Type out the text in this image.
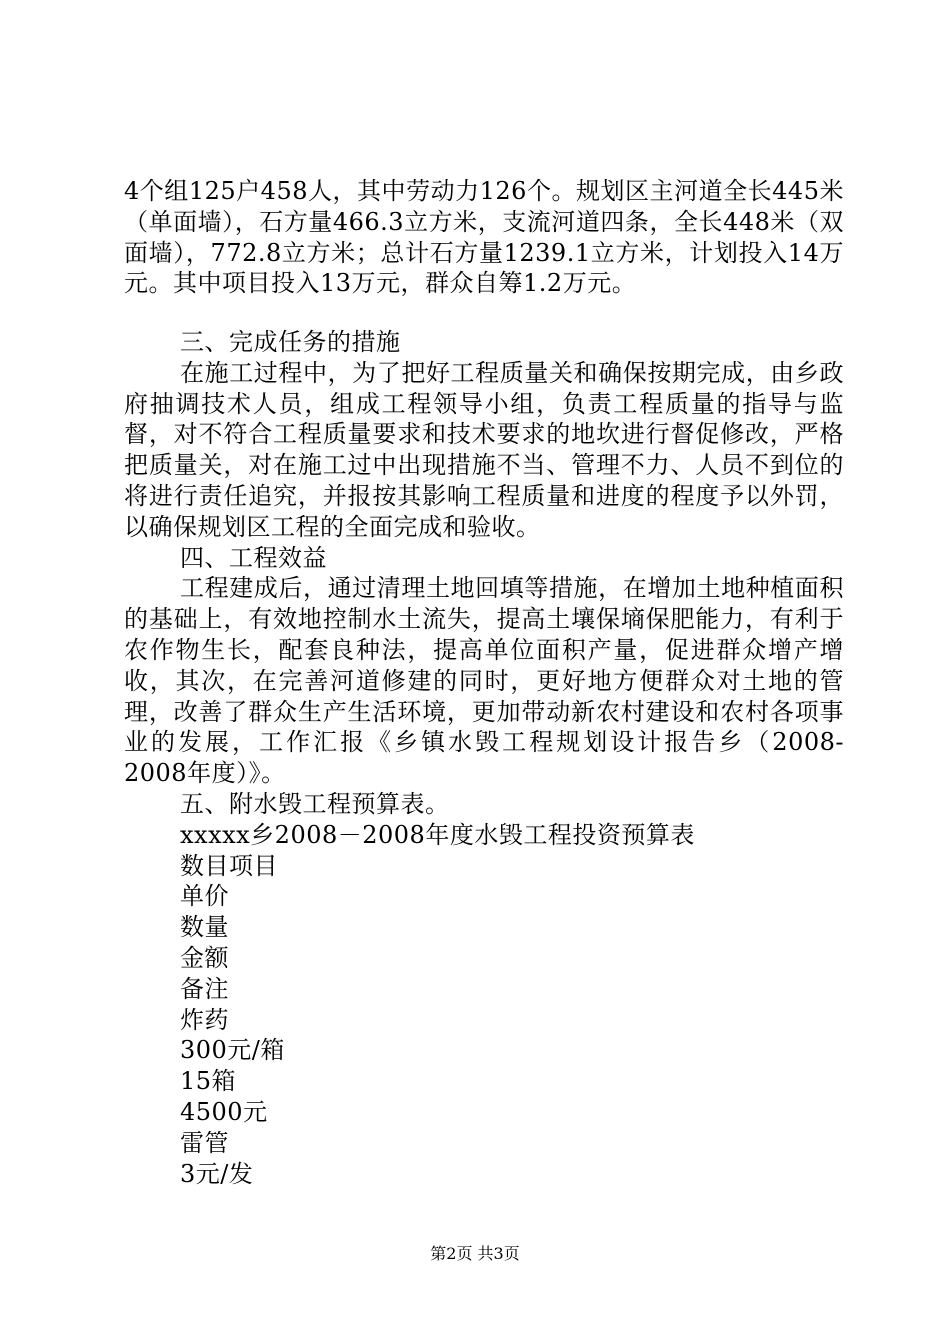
4个组125户458人，其中劳动力126个。规划区主河道全长445米（单面墙），石方量466.3立方米，支流河道四条，全长448米（双面墙），772.8立方米；总计石方量1239.1立方米，计划投入14万元。其中项目投入13万元，群众自筹1.2万元。

三、完成任务的措施

在施工过程中，为了把好工程质量关和确保按期完成，由乡政府抽调技术人员，组成工程领导小组，负责工程质量的指导与监督，对不符合工程质量要求和技术要求的地坎进行督促修改，严格把质量关，对在施工过中出现措施不当、管理不力、人员不到位的将进行责任追究，并报按其影响工程质量和进度的程度予以外罚，以确保规划区工程的全面完成和验收。

四、工程效益

工程建成后，通过清理土地回填等措施，在增加土地种植面积的基础上，有效地控制水土流失，提高土壤保墒保肥能力，有利于农作物生长，配套良种法，提高单位面积产量，促进群众增产增收，其次，在完善河道修建的同时，更好地方便群众对土地的管理，改善了群众生产生活环境，更加带动新农村建设和农村各项事业的发展，工作汇报《乡镇水毁工程规划设计报告乡（2008-2008年度）》。

五、附水毁工程预算表。

xxxxx乡2008－2008年度水毁工程投资预算表

数目项目

单价

数量

金额

备注

炸药

300元/箱

15箱

4500元

雷管

3元/发

第2页 共3页
